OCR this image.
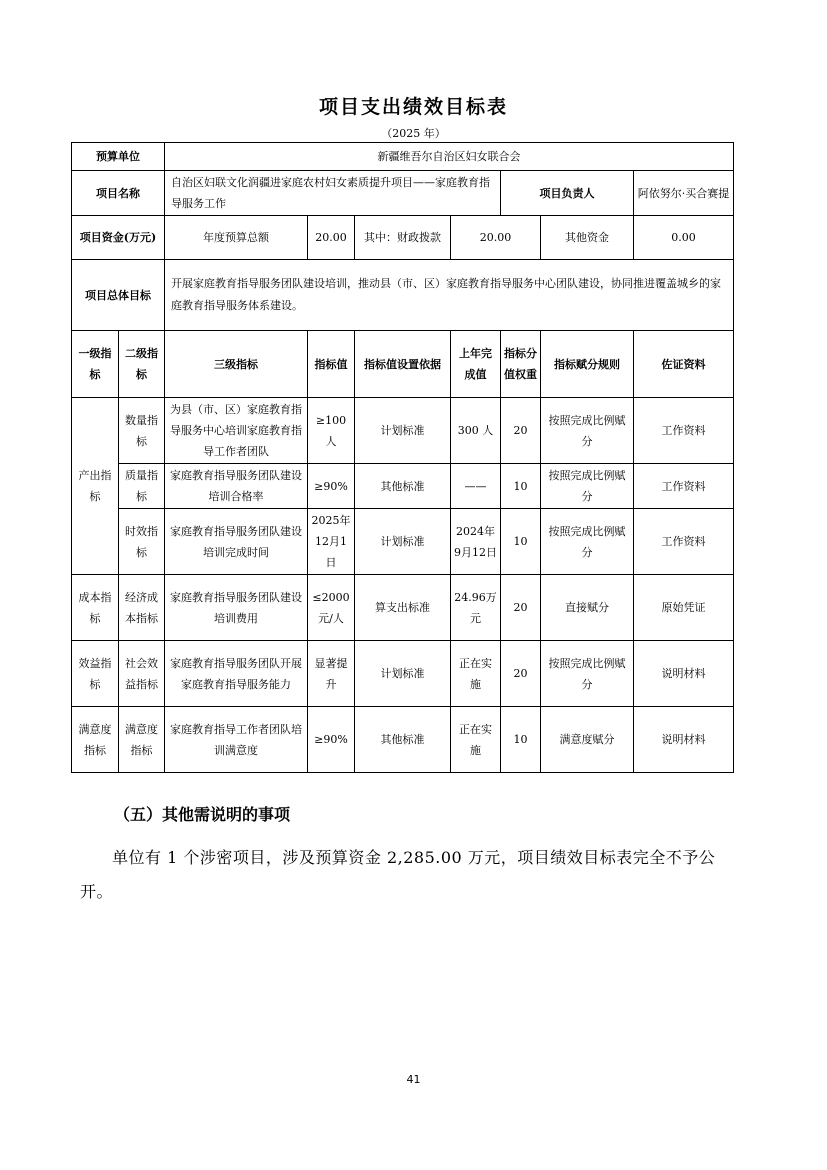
项目支出绩效目标表
（2025 年）
预算单位		新疆维吾尔自治区妇女联合会						
项目名称		自治区妇联文化润疆进家庭农村妇女素质提升项目——家庭教育指导服务工作				项目负责人		阿依努尔·买合赛提
项目资金(万元)		年度预算总额	20.00	其中：财政拨款	20.00		其他资金	0.00
项目总体目标		开展家庭教育指导服务团队建设培训，推动县（市、区）家庭教育指导服务中心团队建设，协同推进覆盖城乡的家庭教育指导服务体系建设。						
一级指标	二级指标	三级指标	指标值	指标值设置依据	上年完成值	指标分值权重	指标赋分规则	佐证资料
产出指标	数量指标	为县（市、区）家庭教育指导服务中心培训家庭教育指导工作者团队	≥100人	计划标准	300 人	20	按照完成比例赋分	工作资料
	质量指标	家庭教育指导服务团队建设培训合格率	≥90%	其他标准	——	10	按照完成比例赋分	工作资料
	时效指标	家庭教育指导服务团队建设培训完成时间	2025年12月1日	计划标准	2024年9月12日	10	按照完成比例赋分	工作资料
成本指标	经济成本指标	家庭教育指导服务团队建设培训费用	≤2000元/人	算支出标准	24.96万元	20	直接赋分	原始凭证
效益指标	社会效益指标	家庭教育指导服务团队开展家庭教育指导服务能力	显著提升	计划标准	正在实施	20	按照完成比例赋分	说明材料
满意度指标	满意度指标	家庭教育指导工作者团队培训满意度	≥90%	其他标准	正在实施	10	满意度赋分	说明材料
（五）其他需说明的事项
单位有 1 个涉密项目，涉及预算资金 2,285.00 万元，项目绩效目标表完全不予公开。
41
